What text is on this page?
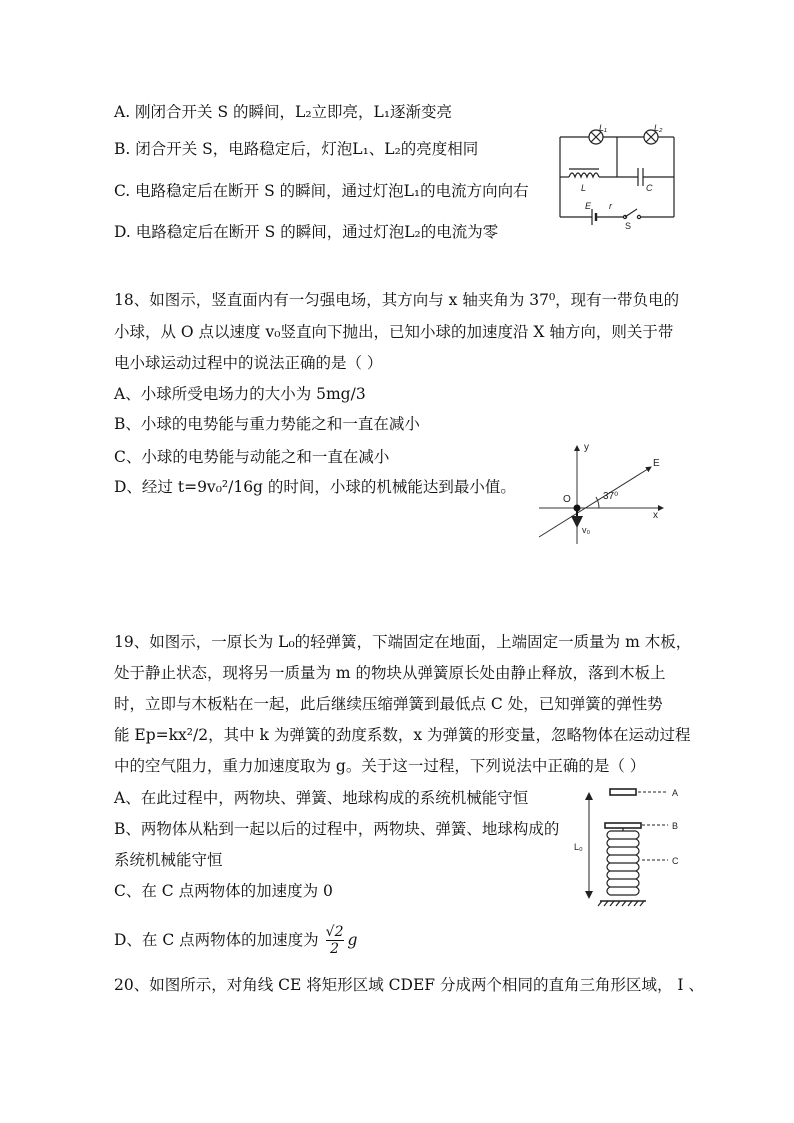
A. 刚闭合开关 S 的瞬间，L₂立即亮，L₁逐渐变亮
B. 闭合开关 S，电路稳定后，灯泡L₁、L₂的亮度相同
C. 电路稳定后在断开 S 的瞬间，通过灯泡L₁的电流方向向右
D. 电路稳定后在断开 S 的瞬间，通过灯泡L₂的电流为零
L₁	L₂
L	C
E r
S
18、如图示，竖直面内有一匀强电场，其方向与 x 轴夹角为 37⁰，现有一带负电的
小球，从 O 点以速度 v₀竖直向下抛出，已知小球的加速度沿 X 轴方向，则关于带
电小球运动过程中的说法正确的是（ ）
A、小球所受电场力的大小为 5mg/3
B、小球的电势能与重力势能之和一直在减小
C、小球的电势能与动能之和一直在减小
D、经过 t=9v₀²/16g 的时间，小球的机械能达到最小值。
y
E
O	37⁰
x
v₀
19、如图示，一原长为 L₀的轻弹簧，下端固定在地面，上端固定一质量为 m 木板，
处于静止状态，现将另一质量为 m 的物块从弹簧原长处由静止释放，落到木板上
时，立即与木板粘在一起，此后继续压缩弹簧到最低点 C 处，已知弹簧的弹性势
能 Ep=kx²/2，其中 k 为弹簧的劲度系数，x 为弹簧的形变量，忽略物体在运动过程
中的空气阻力，重力加速度取为 g。关于这一过程，下列说法中正确的是（ ）
A、在此过程中，两物块、弹簧、地球构成的系统机械能守恒
B、两物体从粘到一起以后的过程中，两物块、弹簧、地球构成的
系统机械能守恒
C、在 C 点两物体的加速度为 0
D、在 C 点两物体的加速度为 √2
2 g
A
B
C
L₀
20、如图所示，对角线 CE 将矩形区域 CDEF 分成两个相同的直角三角形区域， Ⅰ 、
